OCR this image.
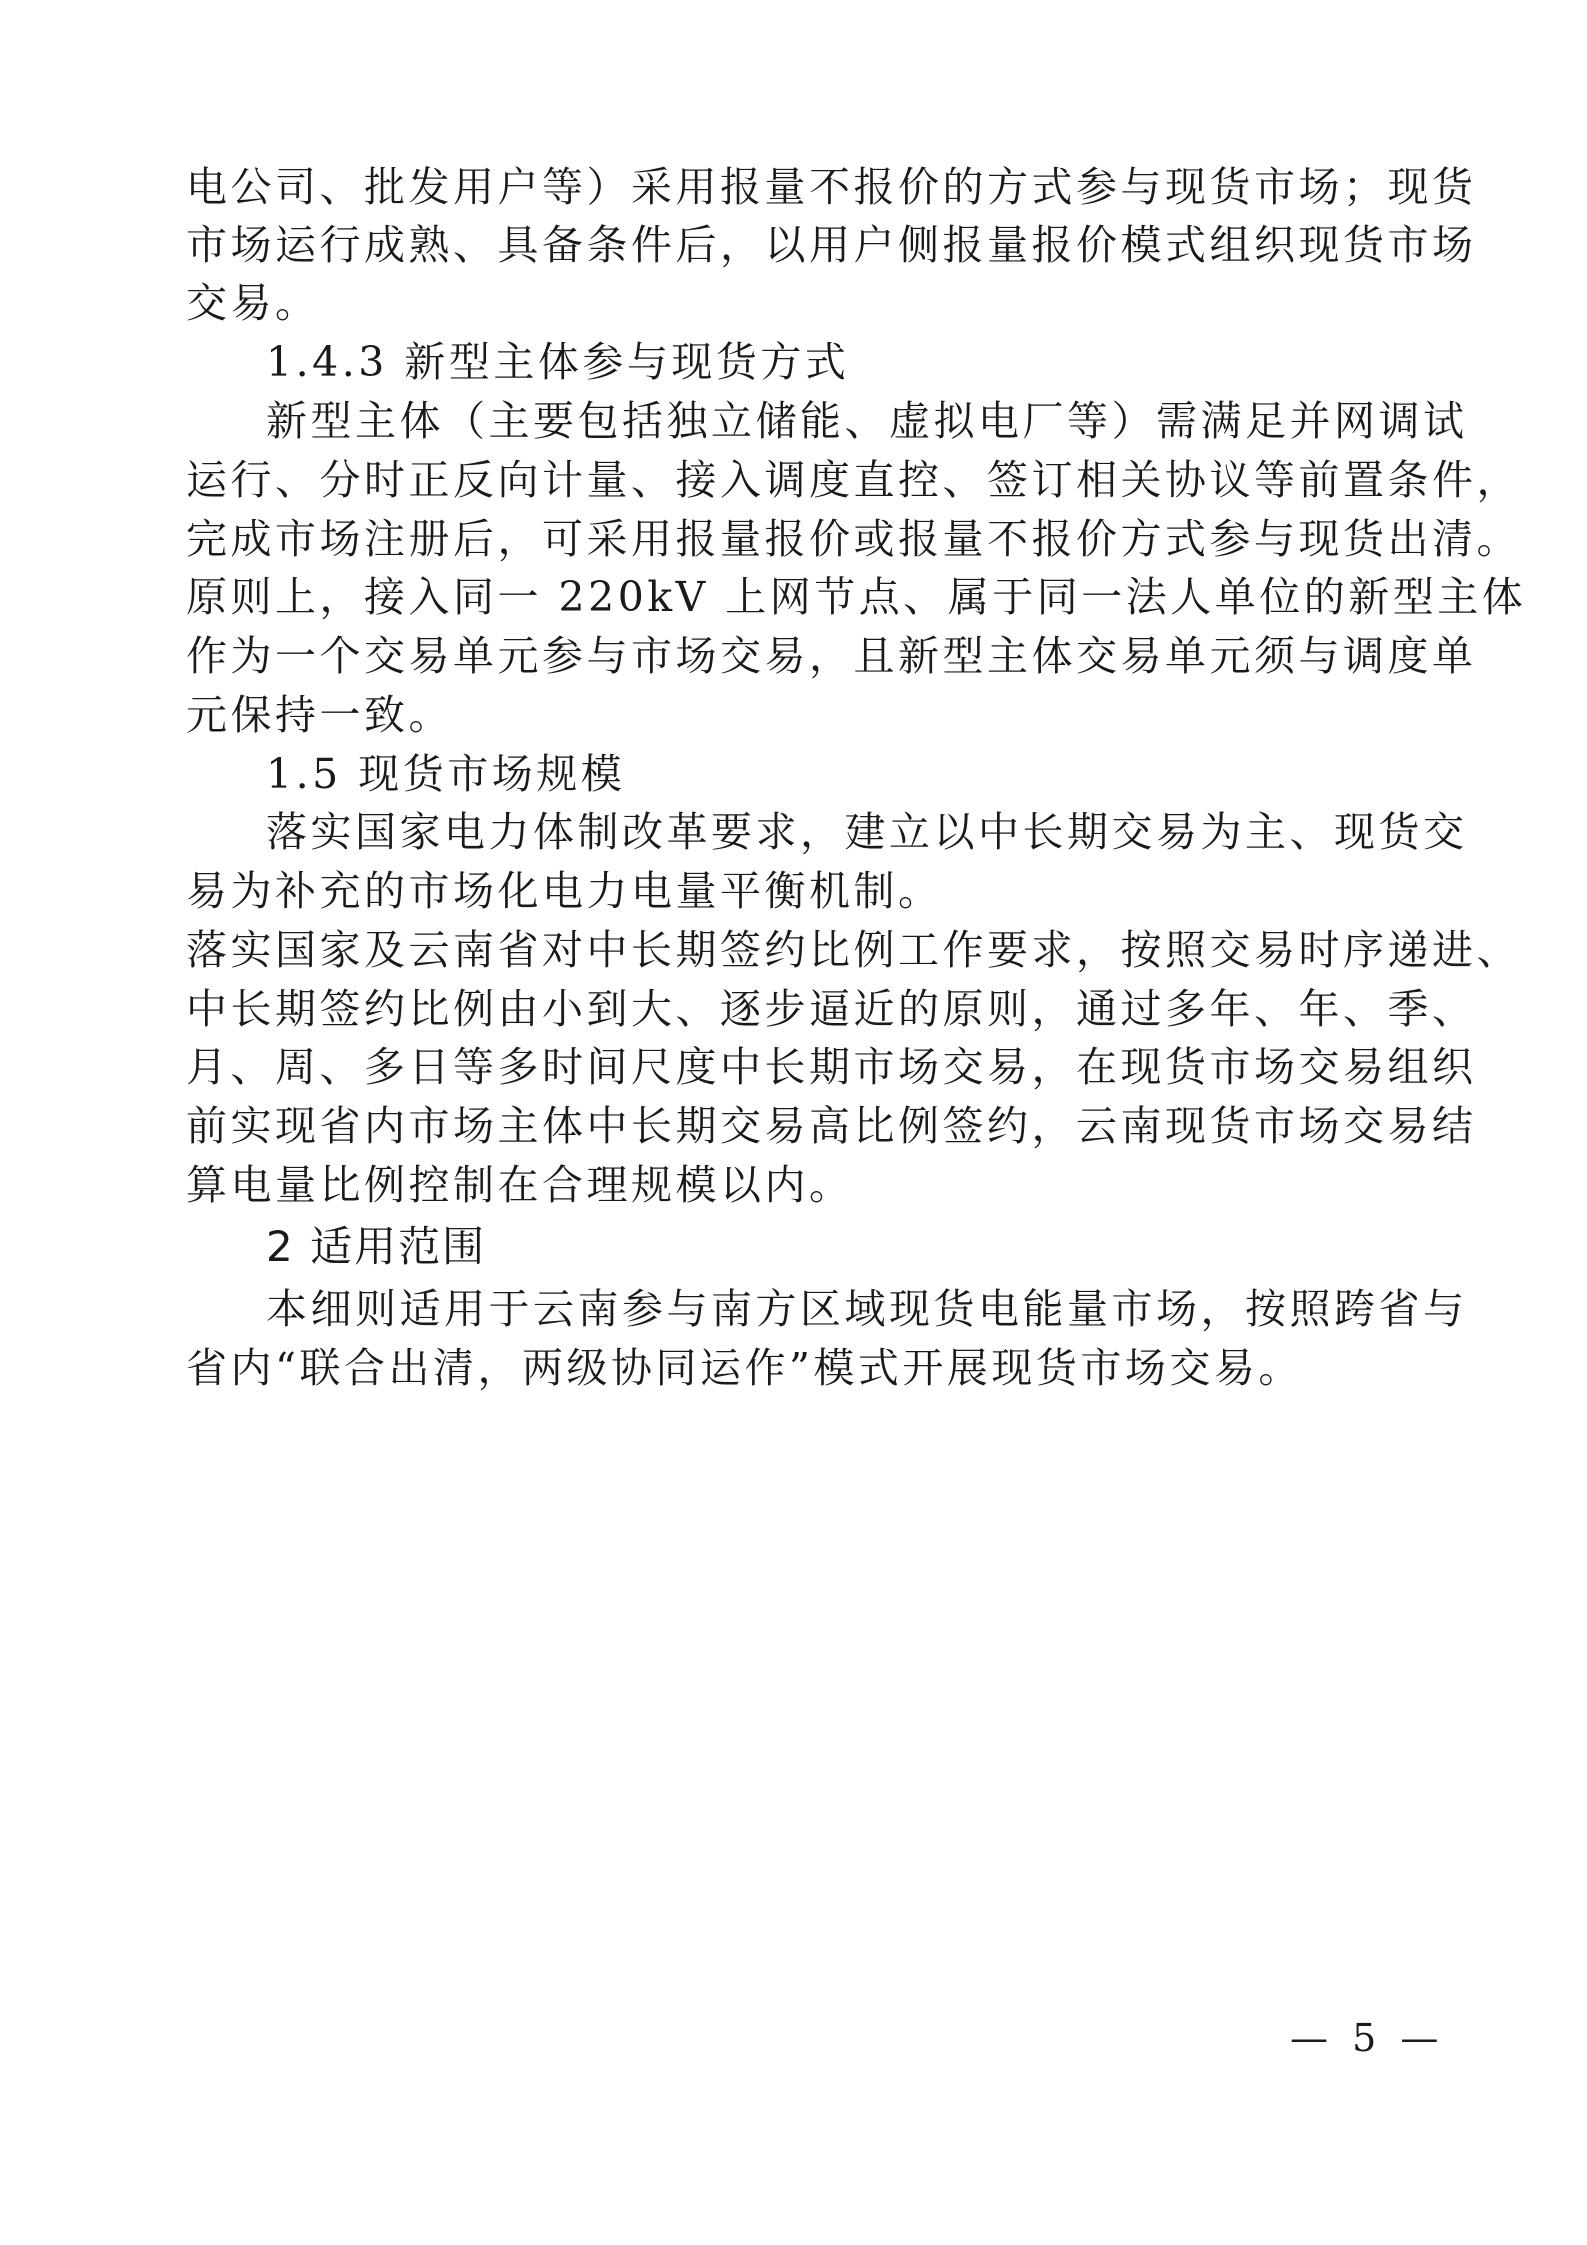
电公司、批发用户等）采用报量不报价的方式参与现货市场；现货
市场运行成熟、具备条件后，以用户侧报量报价模式组织现货市场
交易。
1.4.3 新型主体参与现货方式
新型主体（主要包括独立储能、虚拟电厂等）需满足并网调试
运行、分时正反向计量、接入调度直控、签订相关协议等前置条件，
完成市场注册后，可采用报量报价或报量不报价方式参与现货出清。
原则上，接入同一 220kV 上网节点、属于同一法人单位的新型主体
作为一个交易单元参与市场交易，且新型主体交易单元须与调度单
元保持一致。
1.5 现货市场规模
落实国家电力体制改革要求，建立以中长期交易为主、现货交
易为补充的市场化电力电量平衡机制。
落实国家及云南省对中长期签约比例工作要求，按照交易时序递进、
中长期签约比例由小到大、逐步逼近的原则，通过多年、年、季、
月、周、多日等多时间尺度中长期市场交易，在现货市场交易组织
前实现省内市场主体中长期交易高比例签约，云南现货市场交易结
算电量比例控制在合理规模以内。
2 适用范围
本细则适用于云南参与南方区域现货电能量市场，按照跨省与
省内“联合出清，两级协同运作”模式开展现货市场交易。
— 5 —
